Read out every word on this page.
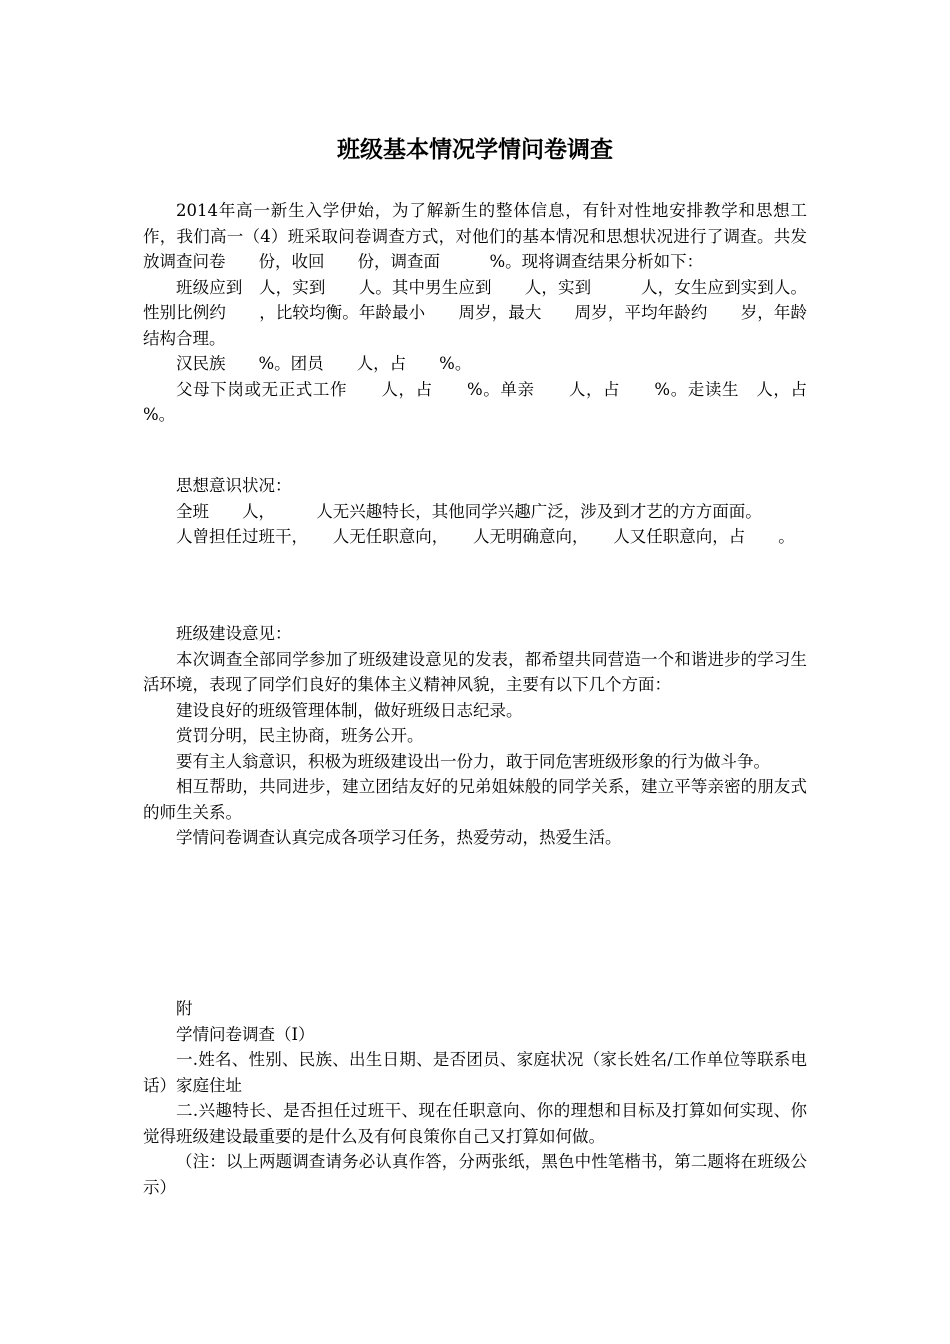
班级基本情况学情问卷调查

2014年高一新生入学伊始，为了解新生的整体信息，有针对性地安排教学和思想工作，我们高一（4）班采取问卷调查方式，对他们的基本情况和思想状况进行了调查。共发放调查问卷　　份，收回　　份，调查面　　　%。现将调查结果分析如下：

班级应到　人，实到　　人。其中男生应到　　人，实到　　　人，女生应到实到人。性别比例约　　，比较均衡。年龄最小　　周岁，最大　　周岁，平均年龄约　　岁，年龄结构合理。

汉民族　　%。团员　　人，占　　%。

父母下岗或无正式工作　　人，占　　%。单亲　　人，占　　%。走读生　人，占　　%。

思想意识状况：

全班　　人，　　　人无兴趣特长，其他同学兴趣广泛，涉及到才艺的方方面面。

人曾担任过班干，　　人无任职意向，　　人无明确意向，　　人又任职意向，占　　。

班级建设意见：

本次调查全部同学参加了班级建设意见的发表，都希望共同营造一个和谐进步的学习生活环境，表现了同学们良好的集体主义精神风貌，主要有以下几个方面：

建设良好的班级管理体制，做好班级日志纪录。

赏罚分明，民主协商，班务公开。

要有主人翁意识，积极为班级建设出一份力，敢于同危害班级形象的行为做斗争。

相互帮助，共同进步，建立团结友好的兄弟姐妹般的同学关系，建立平等亲密的朋友式的师生关系。

学情问卷调查认真完成各项学习任务，热爱劳动，热爱生活。

附

学情问卷调查（I）

一.姓名、性别、民族、出生日期、是否团员、家庭状况（家长姓名/工作单位等联系电话）家庭住址

二.兴趣特长、是否担任过班干、现在任职意向、你的理想和目标及打算如何实现、你觉得班级建设最重要的是什么及有何良策你自己又打算如何做。

（注：以上两题调查请务必认真作答，分两张纸，黑色中性笔楷书，第二题将在班级公示）
